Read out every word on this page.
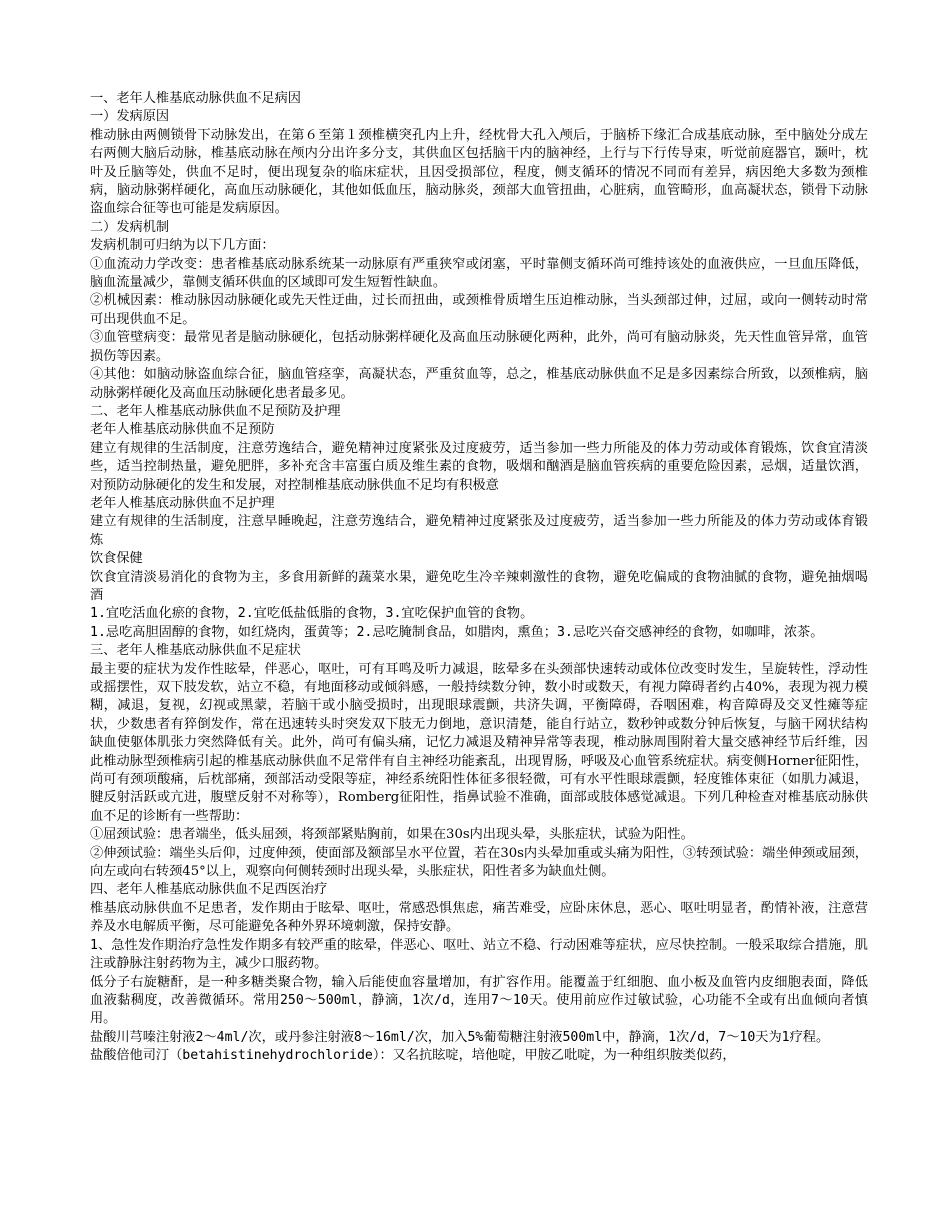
一、老年人椎基底动脉供血不足病因

一）发病原因

椎动脉由两侧锁骨下动脉发出，在第６至第１颈椎横突孔内上升，经枕骨大孔入颅后，于脑桥下缘汇合成基底动脉，至中脑处分成左右两侧大脑后动脉，椎基底动脉在颅内分出许多分支，其供血区包括脑干内的脑神经，上行与下行传导束，听觉前庭器官，颞叶，枕叶及丘脑等处，供血不足时，便出现复杂的临床症状，且因受损部位，程度，侧支循环的情况不同而有差异，病因绝大多数为颈椎病，脑动脉粥样硬化，高血压动脉硬化，其他如低血压，脑动脉炎，颈部大血管扭曲，心脏病，血管畸形，血高凝状态，锁骨下动脉盗血综合征等也可能是发病原因。

二）发病机制

发病机制可归纳为以下几方面：

①血流动力学改变：患者椎基底动脉系统某一动脉原有严重狭窄或闭塞，平时靠侧支循环尚可维持该处的血液供应，一旦血压降低，脑血流量减少，靠侧支循环供血的区域即可发生短暂性缺血。

②机械因素：椎动脉因动脉硬化或先天性迂曲，过长而扭曲，或颈椎骨质增生压迫椎动脉，当头颈部过伸，过屈，或向一侧转动时常可出现供血不足。

③血管壁病变：最常见者是脑动脉硬化，包括动脉粥样硬化及高血压动脉硬化两种，此外，尚可有脑动脉炎，先天性血管异常，血管损伤等因素。

④其他：如脑动脉盗血综合征，脑血管痉挛，高凝状态，严重贫血等，总之，椎基底动脉供血不足是多因素综合所致，以颈椎病，脑动脉粥样硬化及高血压动脉硬化患者最多见。

二、老年人椎基底动脉供血不足预防及护理

老年人椎基底动脉供血不足预防

建立有规律的生活制度，注意劳逸结合，避免精神过度紧张及过度疲劳，适当参加一些力所能及的体力劳动或体育锻炼，饮食宜清淡些，适当控制热量，避免肥胖，多补充含丰富蛋白质及维生素的食物，吸烟和酗酒是脑血管疾病的重要危险因素，忌烟，适量饮酒，对预防动脉硬化的发生和发展，对控制椎基底动脉供血不足均有积极意

老年人椎基底动脉供血不足护理

建立有规律的生活制度，注意早睡晚起，注意劳逸结合，避免精神过度紧张及过度疲劳，适当参加一些力所能及的体力劳动或体育锻炼

饮食保健

饮食宜清淡易消化的食物为主，多食用新鲜的蔬菜水果，避免吃生冷辛辣刺激性的食物，避免吃偏咸的食物油腻的食物，避免抽烟喝酒

1.宜吃活血化瘀的食物，2.宜吃低盐低脂的食物，3.宜吃保护血管的食物。

1.忌吃高胆固醇的食物，如红烧肉，蛋黄等；2.忌吃腌制食品，如腊肉，熏鱼；3.忌吃兴奋交感神经的食物，如咖啡，浓茶。

三、老年人椎基底动脉供血不足症状

最主要的症状为发作性眩晕，伴恶心，呕吐，可有耳鸣及听力减退，眩晕多在头颈部快速转动或体位改变时发生，呈旋转性，浮动性或摇摆性，双下肢发软，站立不稳，有地面移动或倾斜感，一般持续数分钟，数小时或数天，有视力障碍者约占40%，表现为视力模糊，减退，复视，幻视或黑蒙，若脑干或小脑受损时，出现眼球震颤，共济失调，平衡障碍，吞咽困难，构音障碍及交叉性瘫等症状，少数患者有猝倒发作，常在迅速转头时突发双下肢无力倒地，意识清楚，能自行站立，数秒钟或数分钟后恢复，与脑干网状结构缺血使躯体肌张力突然降低有关。此外，尚可有偏头痛，记忆力减退及精神异常等表现，椎动脉周围附着大量交感神经节后纤维，因此椎动脉型颈椎病引起的椎基底动脉供血不足常伴有自主神经功能紊乱，出现胃肠，呼吸及心血管系统症状。病变侧Horner征阳性，尚可有颈项酸痛，后枕部痛，颈部活动受限等症，神经系统阳性体征多很轻微，可有水平性眼球震颤，轻度锥体束征（如肌力减退，腱反射活跃或亢进，腹壁反射不对称等），Romberg征阳性，指鼻试验不准确，面部或肢体感觉减退。下列几种检查对椎基底动脉供血不足的诊断有一些帮助：

①屈颈试验：患者端坐，低头屈颈，将颈部紧贴胸前，如果在30s内出现头晕，头胀症状，试验为阳性。

②伸颈试验：端坐头后仰，过度伸颈，使面部及额部呈水平位置，若在30s内头晕加重或头痛为阳性，③转颈试验：端坐伸颈或屈颈，向左或向右转颈45°以上，观察向何侧转颈时出现头晕，头胀症状，阳性者多为缺血灶侧。

四、老年人椎基底动脉供血不足西医治疗

椎基底动脉供血不足患者，发作期由于眩晕、呕吐，常感恐惧焦虑，痛苦难受，应卧床休息，恶心、呕吐明显者，酌情补液，注意营养及水电解质平衡，尽可能避免各种外界环境刺激，保持安静。

1、急性发作期治疗急性发作期多有较严重的眩晕，伴恶心、呕吐、站立不稳、行动困难等症状，应尽快控制。一般采取综合措施，肌注或静脉注射药物为主，减少口服药物。

低分子右旋糖酐，是一种多糖类聚合物，输入后能使血容量增加，有扩容作用。能覆盖于红细胞、血小板及血管内皮细胞表面，降低血液黏稠度，改善微循环。常用250～500ml，静滴，1次/d，连用7～10天。使用前应作过敏试验，心功能不全或有出血倾向者慎用。

盐酸川芎嗪注射液2～4ml/次，或丹参注射液8～16ml/次，加入5%葡萄糖注射液500ml中，静滴，1次/d，7～10天为1疗程。

盐酸倍他司汀（betahistinehydrochloride）：又名抗眩啶，培他啶，甲胺乙吡啶，为一种组织胺类似药，
